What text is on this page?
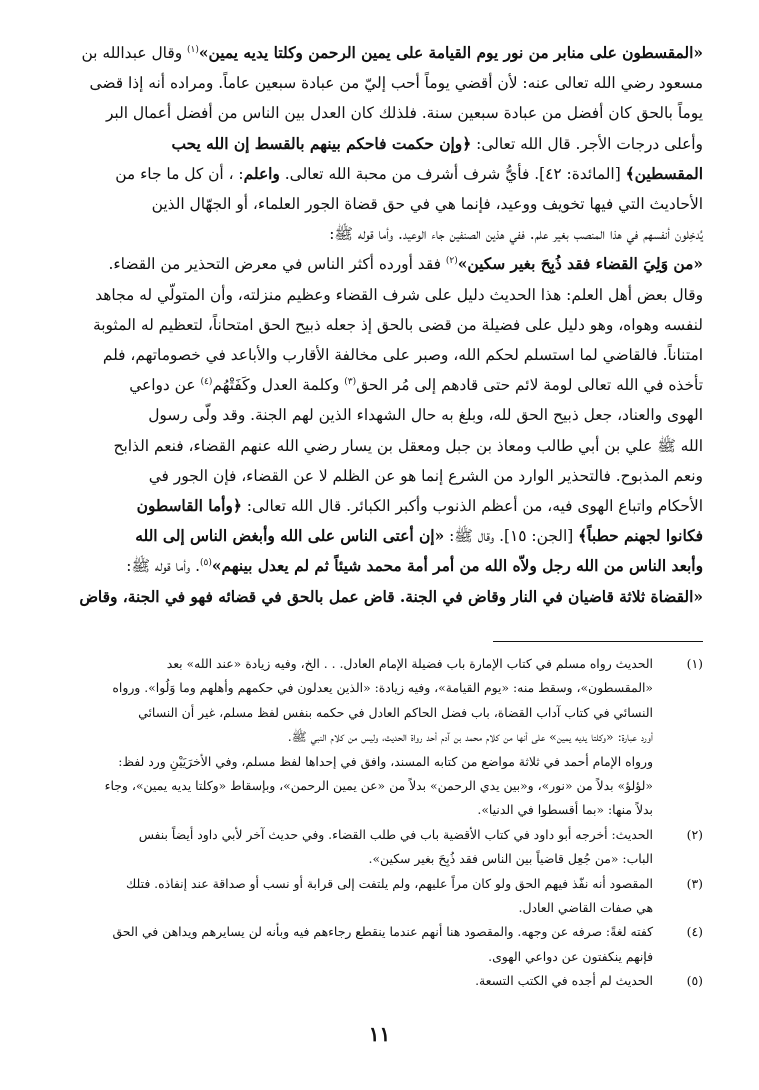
«المقسطون على منابر من نور يوم القيامة على يمين الرحمن وكلتا يديه يمين»$^{(١)}$ وقال عبدالله بن

مسعود رضي الله تعالى عنه: لأن أقضي يوماً أحب إليّ من عبادة سبعين عاماً. ومراده أنه إذا قضى

يوماً بالحق كان أفضل من عبادة سبعين سنة. فلذلك كان العدل بين الناس من أفضل أعمال البر

وأعلى درجات الأجر. قال الله تعالى: ﴿وإن حكمت فاحكم بينهم بالقسط إن الله يحب

المقسطين﴾ [المائدة: ٤٢]. فأيُّ شرف أشرف من محبة الله تعالى. واعلم: ، أن كل ما جاء من

الأحاديث التي فيها تخويف ووعيد، فإنما هي في حق قضاة الجور العلماء، أو الجهّال الذين

يُدخِلون أنفسهم في هذا المنصب بغير علم. ففي هذين الصنفين جاء الوعيد. وأما قوله ﷺ:

«من وَلِيَ القضاء فقد ذُبِحَ بغير سكين»$^{(٢)}$ فقد أورده أكثر الناس في معرض التحذير من القضاء.

وقال بعض أهل العلم: هذا الحديث دليل على شرف القضاء وعظيم منزلته، وأن المتولّي له مجاهد

لنفسه وهواه، وهو دليل على فضيلة من قضى بالحق إذ جعله ذبيح الحق امتحاناً، لتعظيم له المثوبة

امتناناً. فالقاضي لما استسلم لحكم الله، وصبر على مخالفة الأقارب والأباعد في خصوماتهم، فلم

تأخذه في الله تعالى لومة لائم حتى قادهم إلى مُر الحق$^{(٣)}$ وكلمة العدل وكَفَتْهُم$^{(٤)}$ عن دواعي

الهوى والعناد، جعل ذبيح الحق لله، وبلغ به حال الشهداء الذين لهم الجنة. وقد ولّى رسول

الله ﷺ علي بن أبي طالب ومعاذ بن جبل ومعقل بن يسار رضي الله عنهم القضاء، فنعم الذابح

ونعم المذبوح. فالتحذير الوارد من الشرع إنما هو عن الظلم لا عن القضاء، فإن الجور في

الأحكام واتباع الهوى فيه، من أعظم الذنوب وأكبر الكبائر. قال الله تعالى: ﴿وأما القاسطون

فكانوا لجهنم حطباً﴾ [الجن: ١٥]. وقال ﷺ: «إن أعتى الناس على الله وأبغض الناس إلى الله

وأبعد الناس من الله رجل ولاّه الله من أمر أمة محمد شيئاً ثم لم يعدل بينهم»$^{(٥)}$. وأما قوله ﷺ:

«القضاة ثلاثة قاضيان في النار وقاض في الجنة. قاض عمل بالحق في قضائه فهو في الجنة، وقاض

(١)

الحديث رواه مسلم في كتاب الإمارة باب فضيلة الإمام العادل. . . الخ، وفيه زيادة «عند الله» بعد

«المقسطون»، وسقط منه: «يوم القيامة»، وفيه زيادة: «الذين يعدلون في حكمهم وأهلهم وما وَلُوا». ورواه

النسائي في كتاب آداب القضاة، باب فضل الحاكم العادل في حكمه بنفس لفظ مسلم، غير أن النسائي

أورد عبارة: «وكلتا يديه يمين» على أنها من كلام محمد بن آدم أحد رواة الحديث، وليس من كلام النبي ﷺ.

ورواه الإمام أحمد في ثلاثة مواضع من كتابه المسند، وافق في إحداها لفظ مسلم، وفي الأخرَيَيْنِ ورد لفظ:

«لؤلؤ» بدلاً من «نور»، و«بين يدي الرحمن» بدلاً من «عن يمين الرحمن»، وبإسقاط «وكلتا يديه يمين»، وجاء

بدلاً منها: «بما أقسطوا في الدنيا».

(٢)

الحديث: أخرجه أبو داود في كتاب الأقضية باب في طلب القضاء. وفي حديث آخر لأبي داود أيضاً بنفس

الباب: «من جُعِل قاضياً بين الناس فقد ذُبِحَ بغير سكين».

(٣)

المقصود أنه نفّذ فيهم الحق ولو كان مراً عليهم، ولم يلتفت إلى قرابة أو نسب أو صداقة عند إنفاذه. فتلك

هي صفات القاضي العادل.

(٤)

كفته لغةً: صرفه عن وجهه. والمقصود هنا أنهم عندما ينقطع رجاءهم فيه وبأنه لن يسايرهم ويداهن في الحق

فإنهم ينكفتون عن دواعي الهوى.

(٥)

الحديث لم أجده في الكتب التسعة.

١١
